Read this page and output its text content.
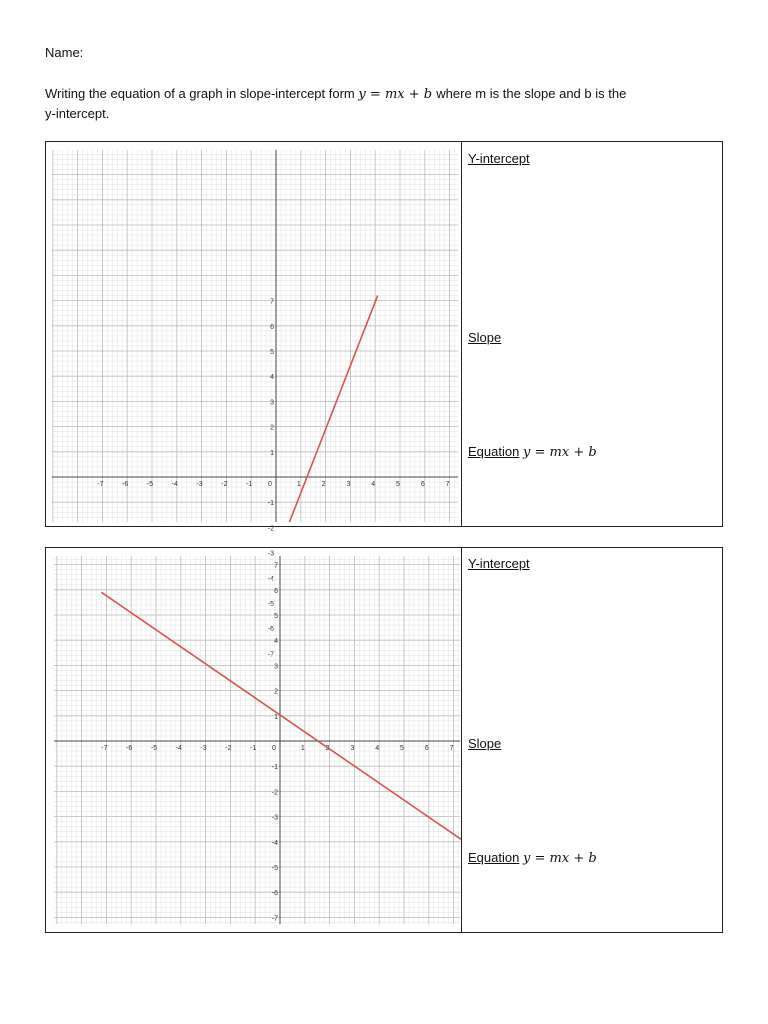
Name:
Writing the equation of a graph in slope-intercept form y = mx + b where m is the slope and b is the
y-intercept.
-7	-6	-5	-4	-3	-2	-1 0	1	2	3	4	5	6	7
7
6
5
4
3
2
1
-1
-2
-3
-4
-5
-6
-7
Y-intercept
Slope
Equation y = mx + b
-7	-6	-5	-4	-3	-2	-1 0	1	2	3	4	5	6	7
7
6
5
4
3
2
1
-1
-2
-3
-4
-5
-6
-7
Y-intercept
Slope
Equation y = mx + b
